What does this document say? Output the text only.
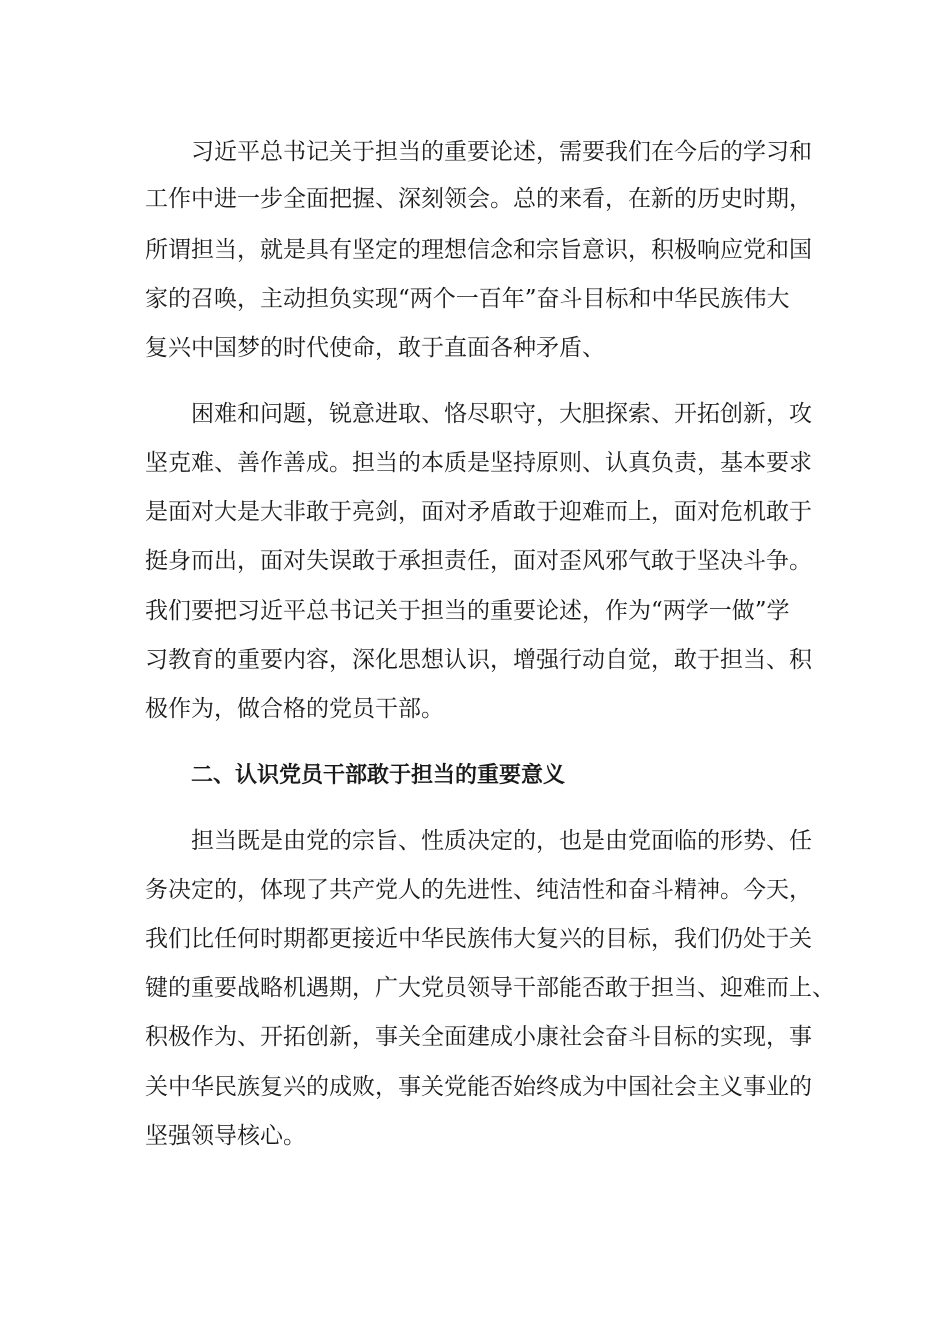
习近平总书记关于担当的重要论述，需要我们在今后的学习和

工作中进一步全面把握、深刻领会。总的来看，在新的历史时期，

所谓担当，就是具有坚定的理想信念和宗旨意识，积极响应党和国

家的召唤，主动担负实现“两个一百年”奋斗目标和中华民族伟大

复兴中国梦的时代使命，敢于直面各种矛盾、

困难和问题，锐意进取、恪尽职守，大胆探索、开拓创新，攻

坚克难、善作善成。担当的本质是坚持原则、认真负责，基本要求

是面对大是大非敢于亮剑，面对矛盾敢于迎难而上，面对危机敢于

挺身而出，面对失误敢于承担责任，面对歪风邪气敢于坚决斗争。

我们要把习近平总书记关于担当的重要论述，作为“两学一做”学

习教育的重要内容，深化思想认识，增强行动自觉，敢于担当、积

极作为，做合格的党员干部。

二、认识党员干部敢于担当的重要意义

担当既是由党的宗旨、性质决定的，也是由党面临的形势、任

务决定的，体现了共产党人的先进性、纯洁性和奋斗精神。今天，

我们比任何时期都更接近中华民族伟大复兴的目标，我们仍处于关

键的重要战略机遇期，广大党员领导干部能否敢于担当、迎难而上、

积极作为、开拓创新，事关全面建成小康社会奋斗目标的实现，事

关中华民族复兴的成败，事关党能否始终成为中国社会主义事业的

坚强领导核心。
